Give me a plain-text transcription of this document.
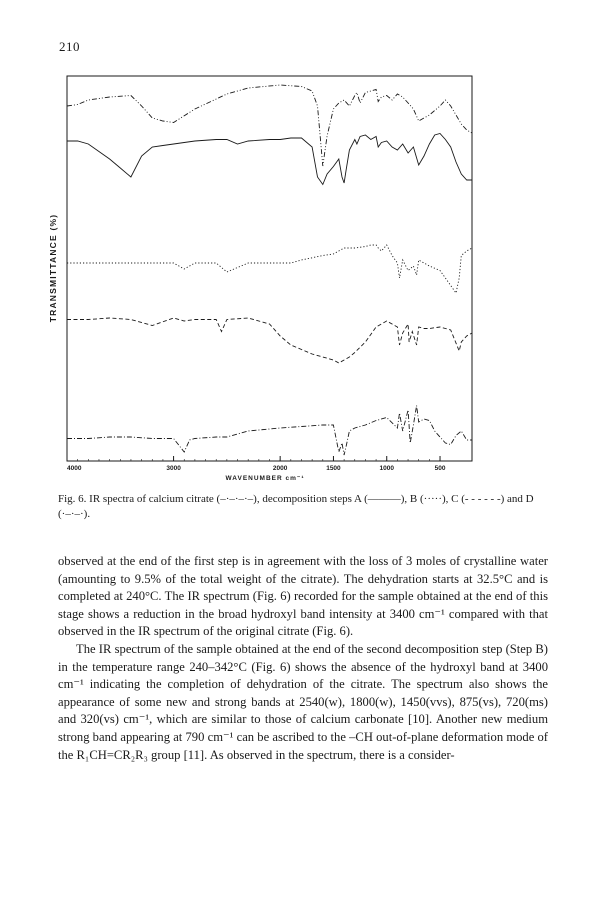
210
4000	3000	2000	1500	1000	500
TRANSMITTANCE (%)
WAVENUMBER cm⁻¹
Fig. 6. IR spectra of calcium citrate (–·–·–·–), decomposition steps A (———), B (·····), C (- - - - - -) and D (·–·–·).

observed at the end of the first step is in agreement with the loss of 3 moles of crystalline water (amounting to 9.5% of the total weight of the citrate). The dehydration starts at 32.5°C and is completed at 240°C. The IR spectrum (Fig. 6) recorded for the sample obtained at the end of this stage shows a reduction in the broad hydroxyl band intensity at 3400 cm⁻¹ compared with that observed in the IR spectrum of the original citrate (Fig. 6).

The IR spectrum of the sample obtained at the end of the second decomposition step (Step B) in the temperature range 240–342°C (Fig. 6) shows the absence of the hydroxyl band at 3400 cm⁻¹ indicating the completion of dehydration of the citrate. The spectrum also shows the appearance of some new and strong bands at 2540(w), 1800(w), 1450(vvs), 875(vs), 720(ms) and 320(vs) cm⁻¹, which are similar to those of calcium carbonate [10]. Another new medium strong band appearing at 790 cm⁻¹ can be ascribed to the –CH out-of-plane deformation mode of the R₁CH=CR₂R₃ group [11]. As observed in the spectrum, there is a consider-
